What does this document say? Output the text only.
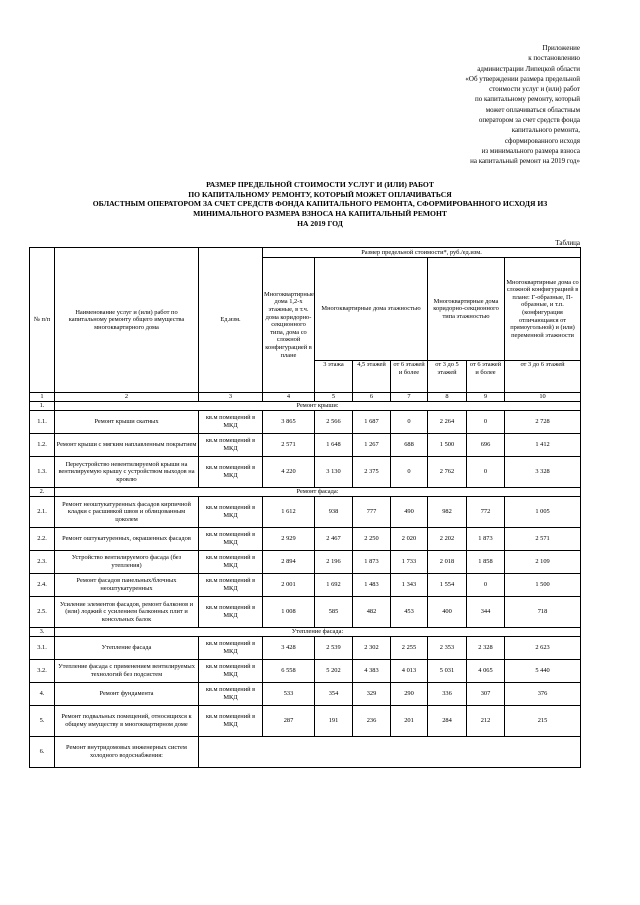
Приложение
к постановлению
администрации Липецкой области
«Об утверждении размера предельной
стоимости услуг и (или) работ
по капитальному ремонту, который
может оплачиваться областным
оператором за счет средств фонда
капитального ремонта,
сформированного исходя
из минимального размера взноса
на капитальный ремонт на 2019 год»
РАЗМЕР ПРЕДЕЛЬНОЙ СТОИМОСТИ УСЛУГ И (ИЛИ) РАБОТ
ПО КАПИТАЛЬНОМУ РЕМОНТУ, КОТОРЫЙ МОЖЕТ ОПЛАЧИВАТЬСЯ
ОБЛАСТНЫМ ОПЕРАТОРОМ ЗА СЧЕТ СРЕДСТВ ФОНДА КАПИТАЛЬНОГО РЕМОНТА, СФОРМИРОВАННОГО ИСХОДЯ ИЗ
МИНИМАЛЬНОГО РАЗМЕРА ВЗНОСА НА КАПИТАЛЬНЫЙ РЕМОНТ
НА 2019 ГОД
Таблица
№ п/п	Наименование услуг и (или) работ по капитальному ремонту общего имущества многоквартирного дома	Ед.изм.	Размер предельной стоимости*, руб./ед.изм.						
			Многоквартирные дома 1,2-х этажные, в т.ч. дома коридорно-секционного типа, дома со сложной конфигурацией в плане	Многоквартирные дома этажностью			Многоквартирные дома коридорно-секционного типа этажностью		Многоквартирные дома со сложной конфигурацией в плане: Г-образные, П-образные, и т.п. (конфигурация отличающаяся от прямоугольной) и (или) переменной этажности
				3 этажа	4,5 этажей	от 6 этажей и более	от 3 до 5 этажей	от 6 этажей и более	от 3 до 6 этажей
1	2	3	4	5	6	7	8	9	10
1.	Ремонт крыши:								
1.1.	Ремонт крыши скатных	кв.м помещений в МКД	3 865	2 566	1 687	0	2 264	0	2 728
1.2.	Ремонт крыши с мягким наплавленным покрытием	кв.м помещений в МКД	2 571	1 648	1 267	688	1 500	696	1 412
1.3.	Переустройство невентилируемой крыши на вентилируемую крышу с устройством выходов на кровлю	кв.м помещений в МКД	4 220	3 130	2 375	0	2 762	0	3 328
2.	Ремонт фасада:								
2.1.	Ремонт неоштукатуренных фасадов кирпичной кладки с расшивкой швов и облицованным цоколем	кв.м помещений в МКД	1 612	938	777	490	982	772	1 005
2.2.	Ремонт оштукатуренных, окрашенных фасадов	кв.м помещений в МКД	2 929	2 467	2 250	2 020	2 202	1 873	2 571
2.3.	Устройство вентилируемого фасада (без утепления)	кв.м помещений в МКД	2 894	2 196	1 873	1 733	2 018	1 858	2 109
2.4.	Ремонт фасадов панельных/блочных неоштукатуренных	кв.м помещений в МКД	2 001	1 692	1 483	1 343	1 554	0	1 500
2.5.	Усиление элементов фасадов, ремонт балконов и (или) лоджий с усилением балконных плит и консольных балок	кв.м помещений в МКД	1 008	585	482	453	400	344	718
3.	Утепление фасада:								
3.1.	Утепление фасада	кв.м помещений в МКД	3 428	2 539	2 302	2 255	2 353	2 328	2 623
3.2.	Утепление фасада с применением вентилируемых технологий без подсистем	кв.м помещений в МКД	6 558	5 202	4 383	4 013	5 031	4 065	5 440
4.	Ремонт фундамента	кв.м помещений в МКД	533	354	329	290	336	307	376
5.	Ремонт подвальных помещений, относящихся к общему имуществу в многоквартирном доме	кв.м помещений в МКД	287	191	236	201	284	212	215
6.	Ремонт внутридомовых инженерных систем холодного водоснабжения:								
